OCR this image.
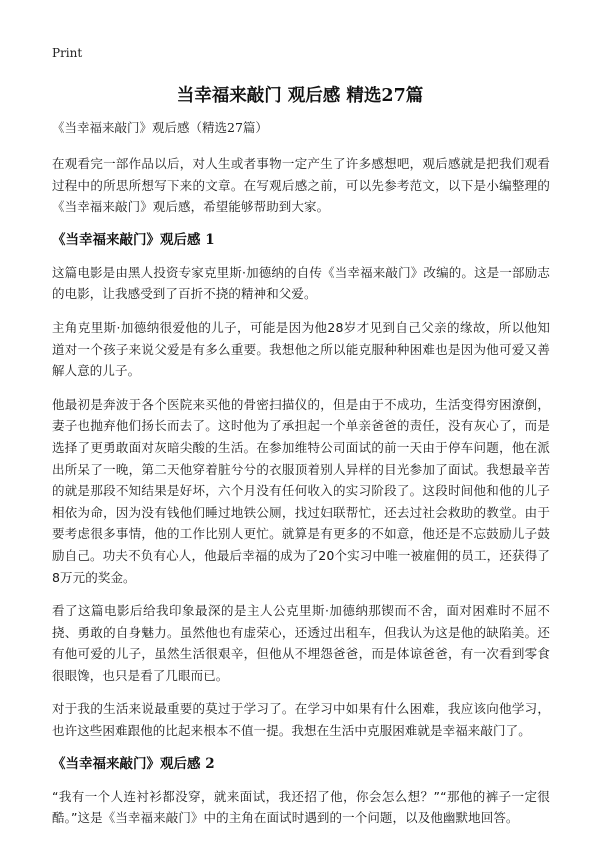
Print
当幸福来敲门 观后感 精选27篇
《当幸福来敲门》观后感（精选27篇）

在观看完一部作品以后，对人生或者事物一定产生了许多感想吧，观后感就是把我们观看过程中的所思所想写下来的文章。在写观后感之前，可以先参考范文，以下是小编整理的《当幸福来敲门》观后感，希望能够帮助到大家。

《当幸福来敲门》观后感 1

这篇电影是由黑人投资专家克里斯·加德纳的自传《当幸福来敲门》改编的。这是一部励志的电影，让我感受到了百折不挠的精神和父爱。

主角克里斯·加德纳很爱他的儿子，可能是因为他28岁才见到自己父亲的缘故，所以他知道对一个孩子来说父爱是有多么重要。我想他之所以能克服种种困难也是因为他可爱又善解人意的儿子。

他最初是奔波于各个医院来买他的骨密扫描仪的，但是由于不成功，生活变得穷困潦倒，妻子也抛弃他们扬长而去了。这时他为了承担起一个单亲爸爸的责任，没有灰心了，而是选择了更勇敢面对灰暗尖酸的生活。在参加维特公司面试的前一天由于停车问题，他在派出所呆了一晚，第二天他穿着脏兮兮的衣服顶着别人异样的目光参加了面试。我想最辛苦的就是那段不知结果是好坏，六个月没有任何收入的实习阶段了。这段时间他和他的儿子相依为命，因为没有钱他们睡过地铁公厕，找过妇联帮忙，还去过社会救助的教堂。由于要考虑很多事情，他的工作比别人更忙。就算是有更多的不如意，他还是不忘鼓励儿子鼓励自己。功夫不负有心人，他最后幸福的成为了20个实习中唯一被雇佣的员工，还获得了8万元的奖金。

看了这篇电影后给我印象最深的是主人公克里斯·加德纳那锲而不舍，面对困难时不屈不挠、勇敢的自身魅力。虽然他也有虚荣心，还透过出租车，但我认为这是他的缺陷美。还有他可爱的儿子，虽然生活很艰辛，但他从不埋怨爸爸，而是体谅爸爸，有一次看到零食很眼馋，也只是看了几眼而已。

对于我的生活来说最重要的莫过于学习了。在学习中如果有什么困难，我应该向他学习，也许这些困难跟他的比起来根本不值一提。我想在生活中克服困难就是幸福来敲门了。

《当幸福来敲门》观后感 2

“我有一个人连衬衫都没穿，就来面试，我还招了他，你会怎么想？”“那他的裤子一定很酷。”这是《当幸福来敲门》中的主角在面试时遇到的一个问题，以及他幽默地回答。
